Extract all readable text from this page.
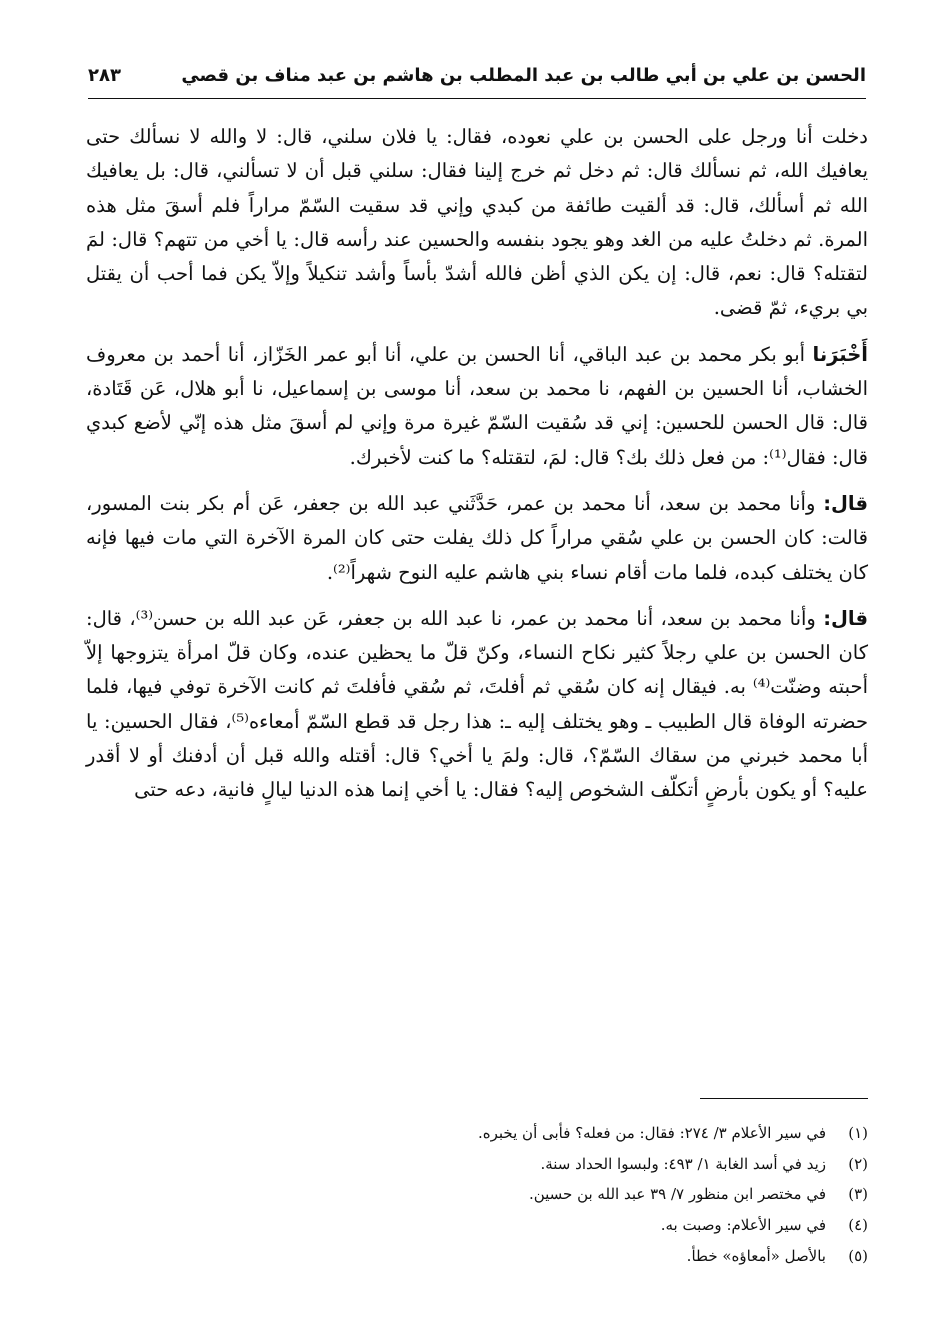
الحسن بن علي بن أبي طالب بن عبد المطلب بن هاشم بن عبد مناف بن قصي
٢٨٣

دخلت أنا ورجل على الحسن بن علي نعوده، فقال: يا فلان سلني، قال: لا والله لا نسألك حتى يعافيك الله، ثم نسألك قال: ثم دخل ثم خرج إلينا فقال: سلني قبل أن لا تسألني، قال: بل يعافيك الله ثم أسألك، قال: قد ألقيت طائفة من كبدي وإني قد سقيت السّمّ مراراً فلم أسقَ مثل هذه المرة. ثم دخلتُ عليه من الغد وهو يجود بنفسه والحسين عند رأسه قال: يا أخي من تتهم؟ قال: لمَ لتقتله؟ قال: نعم، قال: إن يكن الذي أظن فالله أشدّ بأساً وأشد تنكيلاً وإلاّ يكن فما أحب أن يقتل بي بريء، ثمّ قضى.

أَخْبَرَنا أبو بكر محمد بن عبد الباقي، أنا الحسن بن علي، أنا أبو عمر الخَزّاز، أنا أحمد بن معروف الخشاب، أنا الحسين بن الفهم، نا محمد بن سعد، أنا موسى بن إسماعيل، نا أبو هلال، عَن قَتَادة، قال: قال الحسن للحسين: إني قد سُقيت السّمّ غيرة مرة وإني لم أسقَ مثل هذه إنّي لأضع كبدي قال: فقال⁽¹⁾: من فعل ذلك بك؟ قال: لمَ، لتقتله؟ ما كنت لأخبرك.

قال: وأنا محمد بن سعد، أنا محمد بن عمر، حَدَّثَني عبد الله بن جعفر، عَن أم بكر بنت المسور، قالت: كان الحسن بن علي سُقي مراراً كل ذلك يفلت حتى كان المرة الآخرة التي مات فيها فإنه كان يختلف كبده، فلما مات أقام نساء بني هاشم عليه النوح شهراً⁽²⁾.

قال: وأنا محمد بن سعد، أنا محمد بن عمر، نا عبد الله بن جعفر، عَن عبد الله بن حسن⁽³⁾، قال: كان الحسن بن علي رجلاً كثير نكاح النساء، وكنّ قلّ ما يحظين عنده، وكان قلّ امرأة يتزوجها إلاّ أحبته وضنّت⁽⁴⁾ به. فيقال إنه كان سُقي ثم أفلتَ، ثم سُقي فأفلتَ ثم كانت الآخرة توفي فيها، فلما حضرته الوفاة قال الطبيب ـ وهو يختلف إليه ـ: هذا رجل قد قطع السّمّ أمعاءه⁽⁵⁾، فقال الحسين: يا أبا محمد خبرني من سقاك السّمّ؟، قال: ولمَ يا أخي؟ قال: أقتله والله قبل أن أدفنك أو لا أقدر عليه؟ أو يكون بأرضٍ أتكلّف الشخوص إليه؟ فقال: يا أخي إنما هذه الدنيا ليالٍ فانية، دعه حتى

(١)
في سير الأعلام ٣/ ٢٧٤: فقال: من فعله؟ فأبى أن يخبره.
(٢)
زيد في أسد الغابة ١/ ٤٩٣: ولبسوا الحداد سنة.
(٣)
في مختصر ابن منظور ٧/ ٣٩ عبد الله بن حسين.
(٤)
في سير الأعلام: وصبت به.
(٥)
بالأصل «أمعاؤه» خطأ.
